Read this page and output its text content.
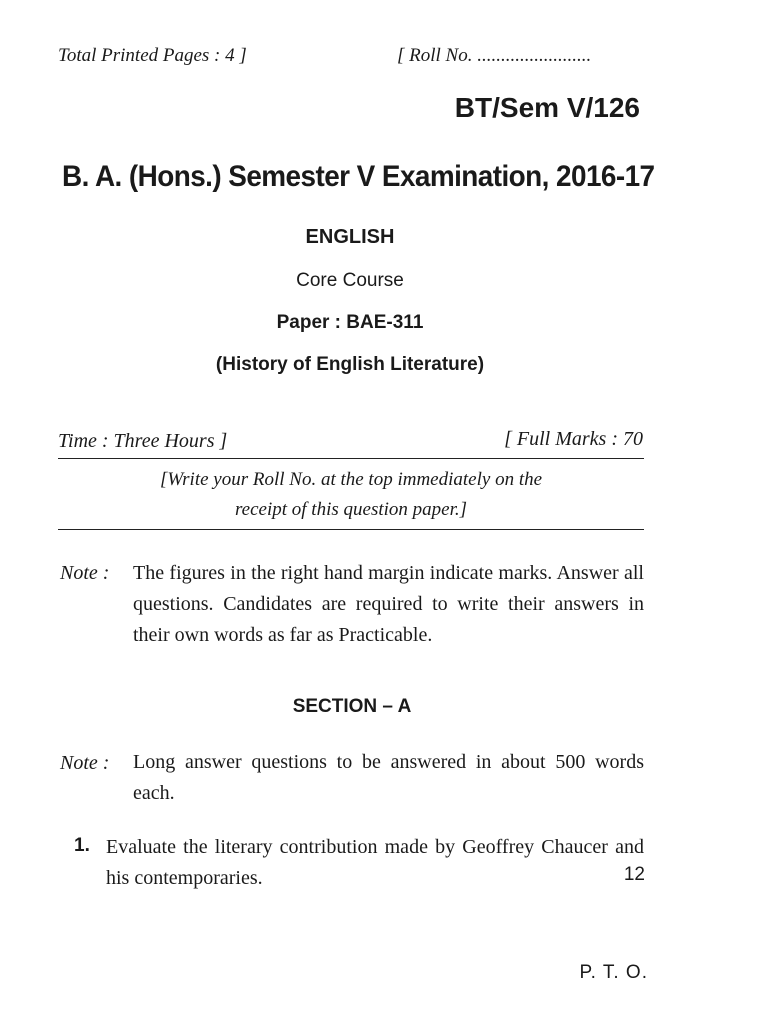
Total Printed Pages : 4 ]	[ Roll No. ........................
BT/Sem V/126
B. A. (Hons.) Semester V Examination, 2016-17
ENGLISH
Core Course
Paper : BAE-311
(History of English Literature)
Time : Three Hours ]	[ Full Marks : 70
[Write your Roll No. at the top immediately on the
receipt of this question paper.]
Note : The figures in the right hand margin indicate marks. Answer all questions. Candidates are required to write their answers in their own words as far as Practicable.
SECTION – A
Note : Long answer questions to be answered in about 500 words each.
1. Evaluate the literary contribution made by Geoffrey Chaucer and his contemporaries.	12
P. T. O.
